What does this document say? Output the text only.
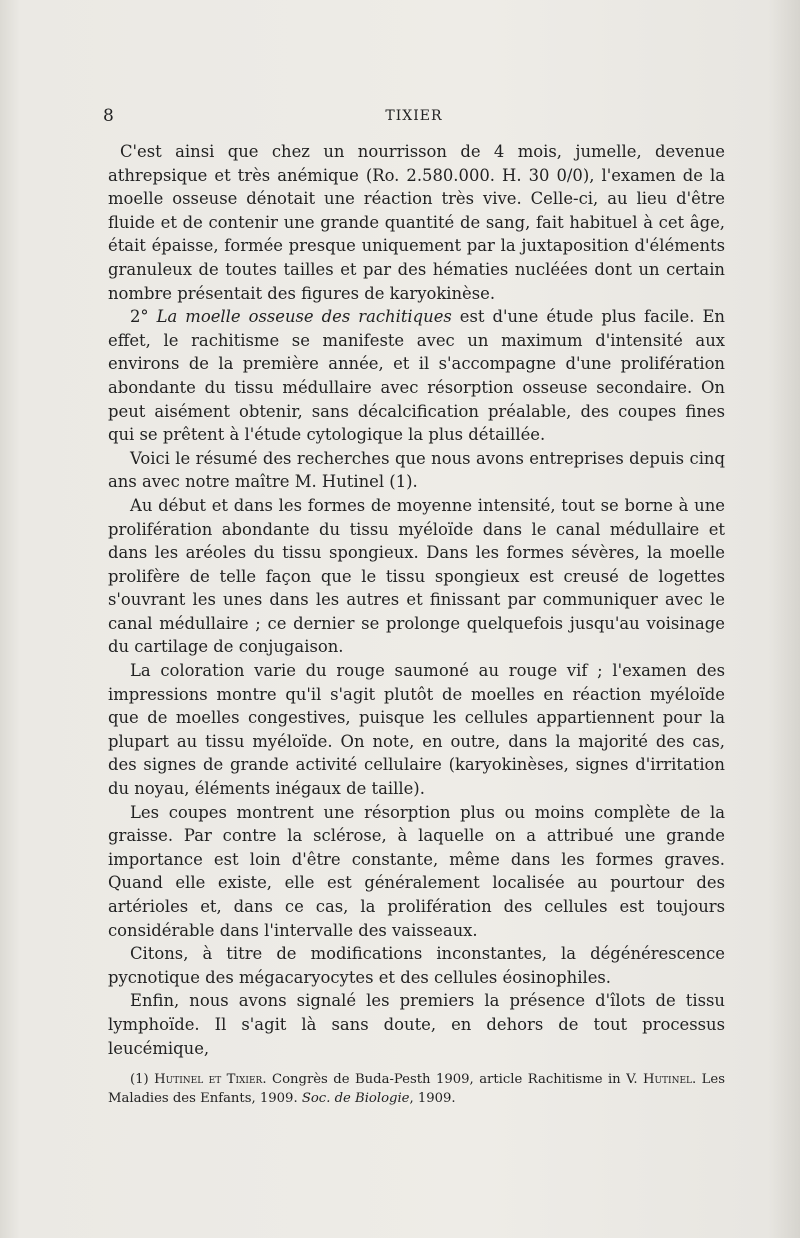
8	TIXIER

C'est ainsi que chez un nourrisson de 4 mois, jumelle, devenue athrepsique et très anémique (Ro. 2.580.000. H. 30 0/0), l'examen de la moelle osseuse dénotait une réaction très vive. Celle-ci, au lieu d'être fluide et de contenir une grande quantité de sang, fait habituel à cet âge, était épaisse, formée presque uniquement par la juxtaposition d'éléments granuleux de toutes tailles et par des hématies nucléées dont un certain nombre présentait des figures de karyokinèse.

2° La moelle osseuse des rachitiques est d'une étude plus facile. En effet, le rachitisme se manifeste avec un maximum d'intensité aux environs de la première année, et il s'accompagne d'une prolifération abondante du tissu médullaire avec résorption osseuse secondaire. On peut aisément obtenir, sans décalcification préalable, des coupes fines qui se prêtent à l'étude cytologique la plus détaillée.

Voici le résumé des recherches que nous avons entreprises depuis cinq ans avec notre maître M. Hutinel (1).

Au début et dans les formes de moyenne intensité, tout se borne à une prolifération abondante du tissu myéloïde dans le canal médullaire et dans les aréoles du tissu spongieux. Dans les formes sévères, la moelle prolifère de telle façon que le tissu spongieux est creusé de logettes s'ouvrant les unes dans les autres et finissant par communiquer avec le canal médullaire ; ce dernier se prolonge quelquefois jusqu'au voisinage du cartilage de conjugaison.

La coloration varie du rouge saumoné au rouge vif ; l'examen des impressions montre qu'il s'agit plutôt de moelles en réaction myéloïde que de moelles congestives, puisque les cellules appartiennent pour la plupart au tissu myéloïde. On note, en outre, dans la majorité des cas, des signes de grande activité cellulaire (karyokinèses, signes d'irritation du noyau, éléments inégaux de taille).

Les coupes montrent une résorption plus ou moins complète de la graisse. Par contre la sclérose, à laquelle on a attribué une grande importance est loin d'être constante, même dans les formes graves. Quand elle existe, elle est généralement localisée au pourtour des artérioles et, dans ce cas, la prolifération des cellules est toujours considérable dans l'intervalle des vaisseaux.

Citons, à titre de modifications inconstantes, la dégénérescence pycnotique des mégacaryocytes et des cellules éosinophiles.

Enfin, nous avons signalé les premiers la présence d'îlots de tissu lymphoïde. Il s'agit là sans doute, en dehors de tout processus leucémique,

(1) Hutinel et Tixier. Congrès de Buda-Pesth 1909, article Rachitisme in V. Hutinel. Les Maladies des Enfants, 1909. Soc. de Biologie, 1909.
